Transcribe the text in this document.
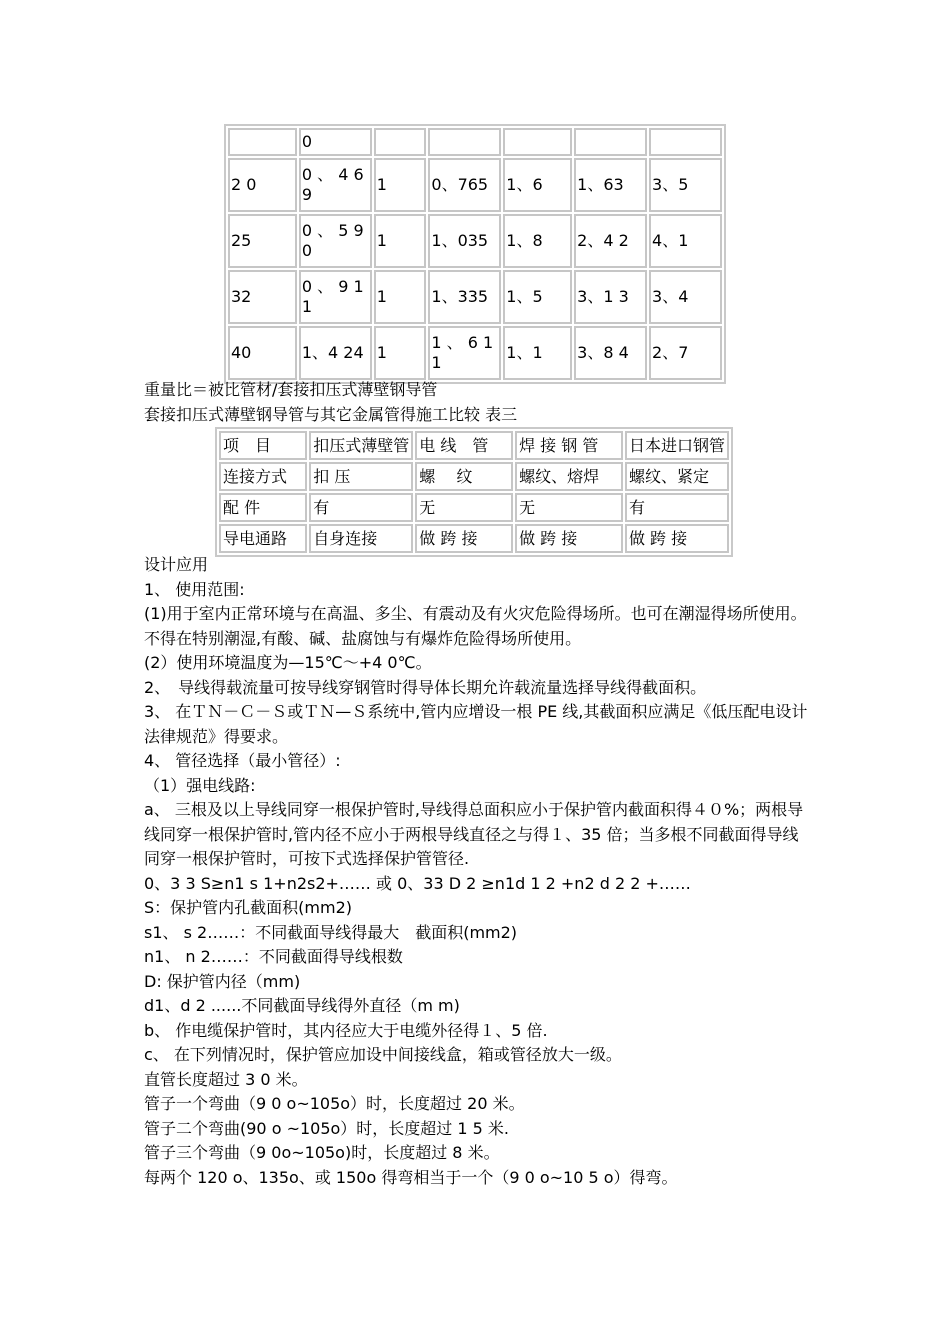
	0					
2 0	0 、 4 6 9	1	0、765	1、6	1、63	3、5
25	0 、 5 90	1	1、035	1、8	2、4 2	4、1
32	0 、 9 1 1	1	1、335	1、5	3、1 3	3、4
40	1、4 24	1	1 、 6 1 1	1、1	3、8 4	2、7
重量比＝被比管材/套接扣压式薄壁钢导管
套接扣压式薄壁钢导管与其它金属管得施工比较 表三
项　目	扣压式薄壁管	电 线　管	焊 接 钢 管	日本进口钢管
连接方式	扣 压	螺　 纹	螺纹、熔焊	螺纹、紧定
配 件	有	无	无	有
导电通路	自身连接	做 跨 接	做 跨 接	做 跨 接
设计应用
1、 使用范围:
(1)用于室内正常环境与在高温、多尘、有震动及有火灾危险得场所。也可在潮湿得场所使用。不得在特别潮湿,有酸、碱、盐腐蚀与有爆炸危险得场所使用。
(2）使用环境温度为—15℃～+4 0℃。
2、　导线得载流量可按导线穿钢管时得导体长期允许载流量选择导线得截面积。
3、 在ＴＮ－Ｃ－Ｓ或ＴＮ—Ｓ系统中,管内应增设一根 PE 线,其截面积应满足《低压配电设计法律规范》得要求。
4、 管径选择（最小管径）:
（1）强电线路:
a、 三根及以上导线同穿一根保护管时,导线得总面积应小于保护管内截面积得４０%；两根导线同穿一根保护管时,管内径不应小于两根导线直径之与得１、35 倍；当多根不同截面得导线同穿一根保护管时，可按下式选择保护管管径.
0、3 3 S≥n1 s 1+n2s2+…… 或 0、33 D 2 ≥n1d 1 2 +n2 d 2 2 +……
S：保护管内孔截面积(mm2)
s1、 s 2……：不同截面导线得最大　截面积(mm2)
n1、 n 2……：不同截面得导线根数
D: 保护管内径（mm)
d1、d 2 ......不同截面导线得外直径（m m)
b、 作电缆保护管时，其内径应大于电缆外径得１、5 倍.
c、 在下列情况时，保护管应加设中间接线盒，箱或管径放大一级。
直管长度超过 3 0 米。
管子一个弯曲（9 0 o~105o）时，长度超过 20 米。
管子二个弯曲(90 o ~105o）时，长度超过 1 5 米.
管子三个弯曲（9 0o~105o)时，长度超过 8 米。
每两个 120 o、135o、或 150o 得弯相当于一个（9 0 o~10 5 o）得弯。
